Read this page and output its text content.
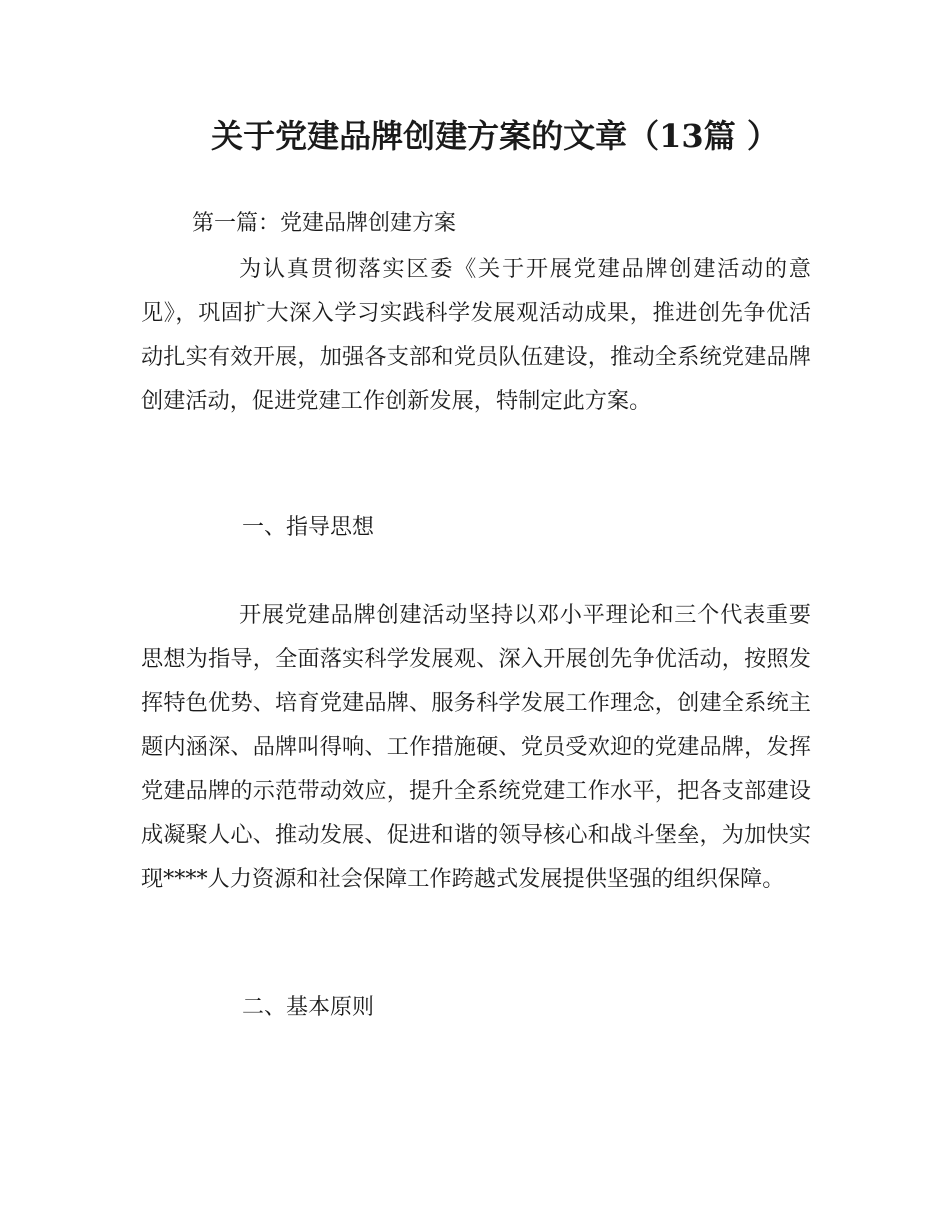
关于党建品牌创建方案的文章（13篇 ）

第一篇：党建品牌创建方案

为认真贯彻落实区委《关于开展党建品牌创建活动的意见》，巩固扩大深入学习实践科学发展观活动成果，推进创先争优活动扎实有效开展，加强各支部和党员队伍建设，推动全系统党建品牌创建活动，促进党建工作创新发展，特制定此方案。

一、指导思想

开展党建品牌创建活动坚持以邓小平理论和三个代表重要思想为指导，全面落实科学发展观、深入开展创先争优活动，按照发挥特色优势、培育党建品牌、服务科学发展工作理念，创建全系统主题内涵深、品牌叫得响、工作措施硬、党员受欢迎的党建品牌，发挥党建品牌的示范带动效应，提升全系统党建工作水平，把各支部建设成凝聚人心、推动发展、促进和谐的领导核心和战斗堡垒，为加快实现****人力资源和社会保障工作跨越式发展提供坚强的组织保障。

二、基本原则
